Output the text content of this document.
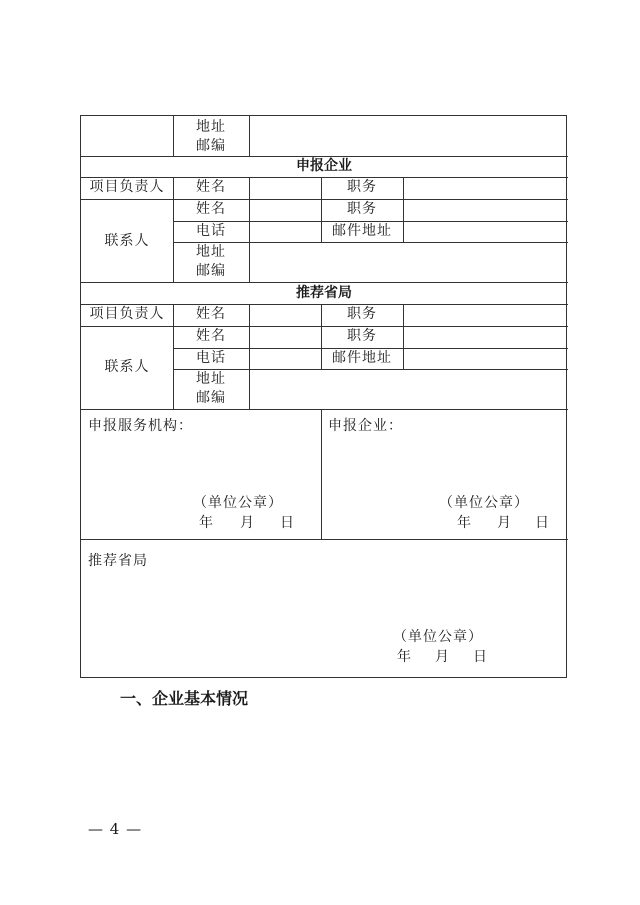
地址
邮编
申报企业
项目负责人 姓名	职务
联系人
姓名	职务
电话	邮件地址
地址
邮编
推荐省局
项目负责人 姓名	职务
联系人
姓名	职务
电话	邮件地址
地址
邮编
申报服务机构：	申报企业：
（单位公章）
年 月 日
（单位公章）
年 月 日
推荐省局
（单位公章）
年 月 日
一、企业基本情况
— 4 —
